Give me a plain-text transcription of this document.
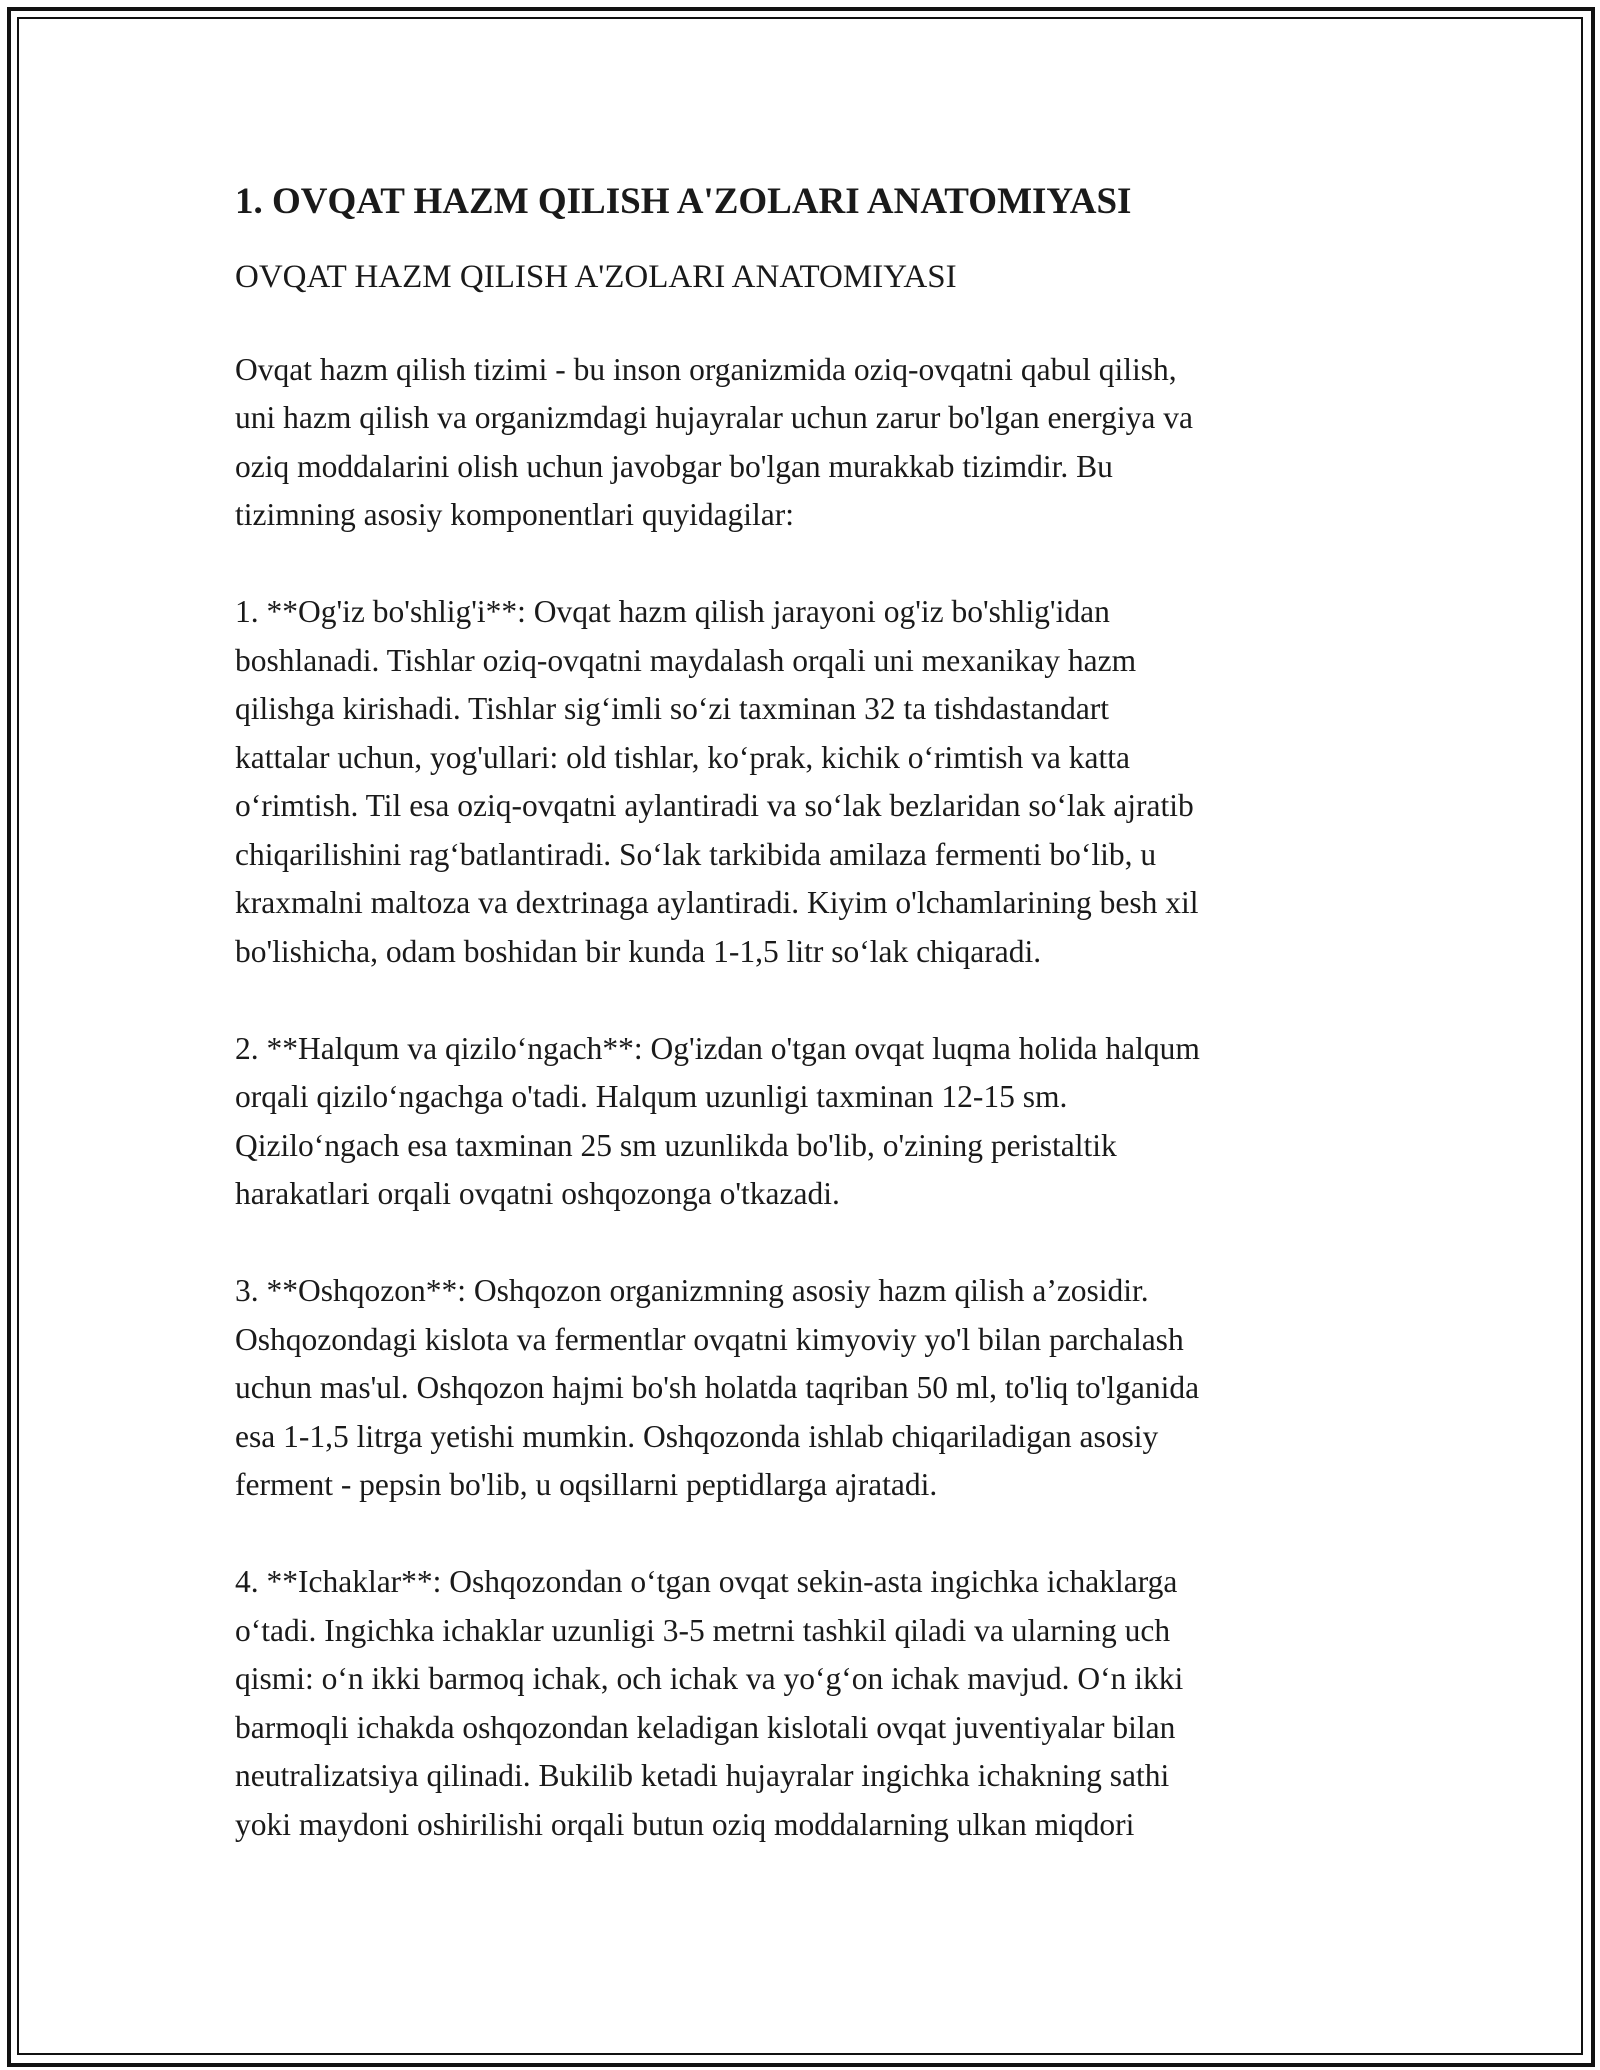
1. OVQAT HAZM QILISH A'ZOLARI ANATOMIYASI
OVQAT HAZM QILISH A'ZOLARI ANATOMIYASI

Ovqat hazm qilish tizimi - bu inson organizmida oziq-ovqatni qabul qilish,
uni hazm qilish va organizmdagi hujayralar uchun zarur bo'lgan energiya va
oziq moddalarini olish uchun javobgar bo'lgan murakkab tizimdir. Bu
tizimning asosiy komponentlari quyidagilar:

1. **Og'iz bo'shlig'i**: Ovqat hazm qilish jarayoni og'iz bo'shlig'idan
boshlanadi. Tishlar oziq-ovqatni maydalash orqali uni mexanikay hazm
qilishga kirishadi. Tishlar sig‘imli so‘zi taxminan 32 ta tishdastandart
kattalar uchun, yog'ullari: old tishlar, ko‘prak, kichik o‘rimtish va katta
o‘rimtish. Til esa oziq-ovqatni aylantiradi va so‘lak bezlaridan so‘lak ajratib
chiqarilishini rag‘batlantiradi. So‘lak tarkibida amilaza fermenti bo‘lib, u
kraxmalni maltoza va dextrinaga aylantiradi. Kiyim o'lchamlarining besh xil
bo'lishicha, odam boshidan bir kunda 1-1,5 litr so‘lak chiqaradi.

2. **Halqum va qizilo‘ngach**: Og'izdan o'tgan ovqat luqma holida halqum
orqali qizilo‘ngachga o'tadi. Halqum uzunligi taxminan 12-15 sm.
Qizilo‘ngach esa taxminan 25 sm uzunlikda bo'lib, o'zining peristaltik
harakatlari orqali ovqatni oshqozonga o'tkazadi.

3. **Oshqozon**: Oshqozon organizmning asosiy hazm qilish a’zosidir.
Oshqozondagi kislota va fermentlar ovqatni kimyoviy yo'l bilan parchalash
uchun mas'ul. Oshqozon hajmi bo'sh holatda taqriban 50 ml, to'liq to'lganida
esa 1-1,5 litrga yetishi mumkin. Oshqozonda ishlab chiqariladigan asosiy
ferment - pepsin bo'lib, u oqsillarni peptidlarga ajratadi.

4. **Ichaklar**: Oshqozondan o‘tgan ovqat sekin-asta ingichka ichaklarga
o‘tadi. Ingichka ichaklar uzunligi 3-5 metrni tashkil qiladi va ularning uch
qismi: o‘n ikki barmoq ichak, och ichak va yo‘g‘on ichak mavjud. O‘n ikki
barmoqli ichakda oshqozondan keladigan kislotali ovqat juventiyalar bilan
neutralizatsiya qilinadi. Bukilib ketadi hujayralar ingichka ichakning sathi
yoki maydoni oshirilishi orqali butun oziq moddalarning ulkan miqdori
